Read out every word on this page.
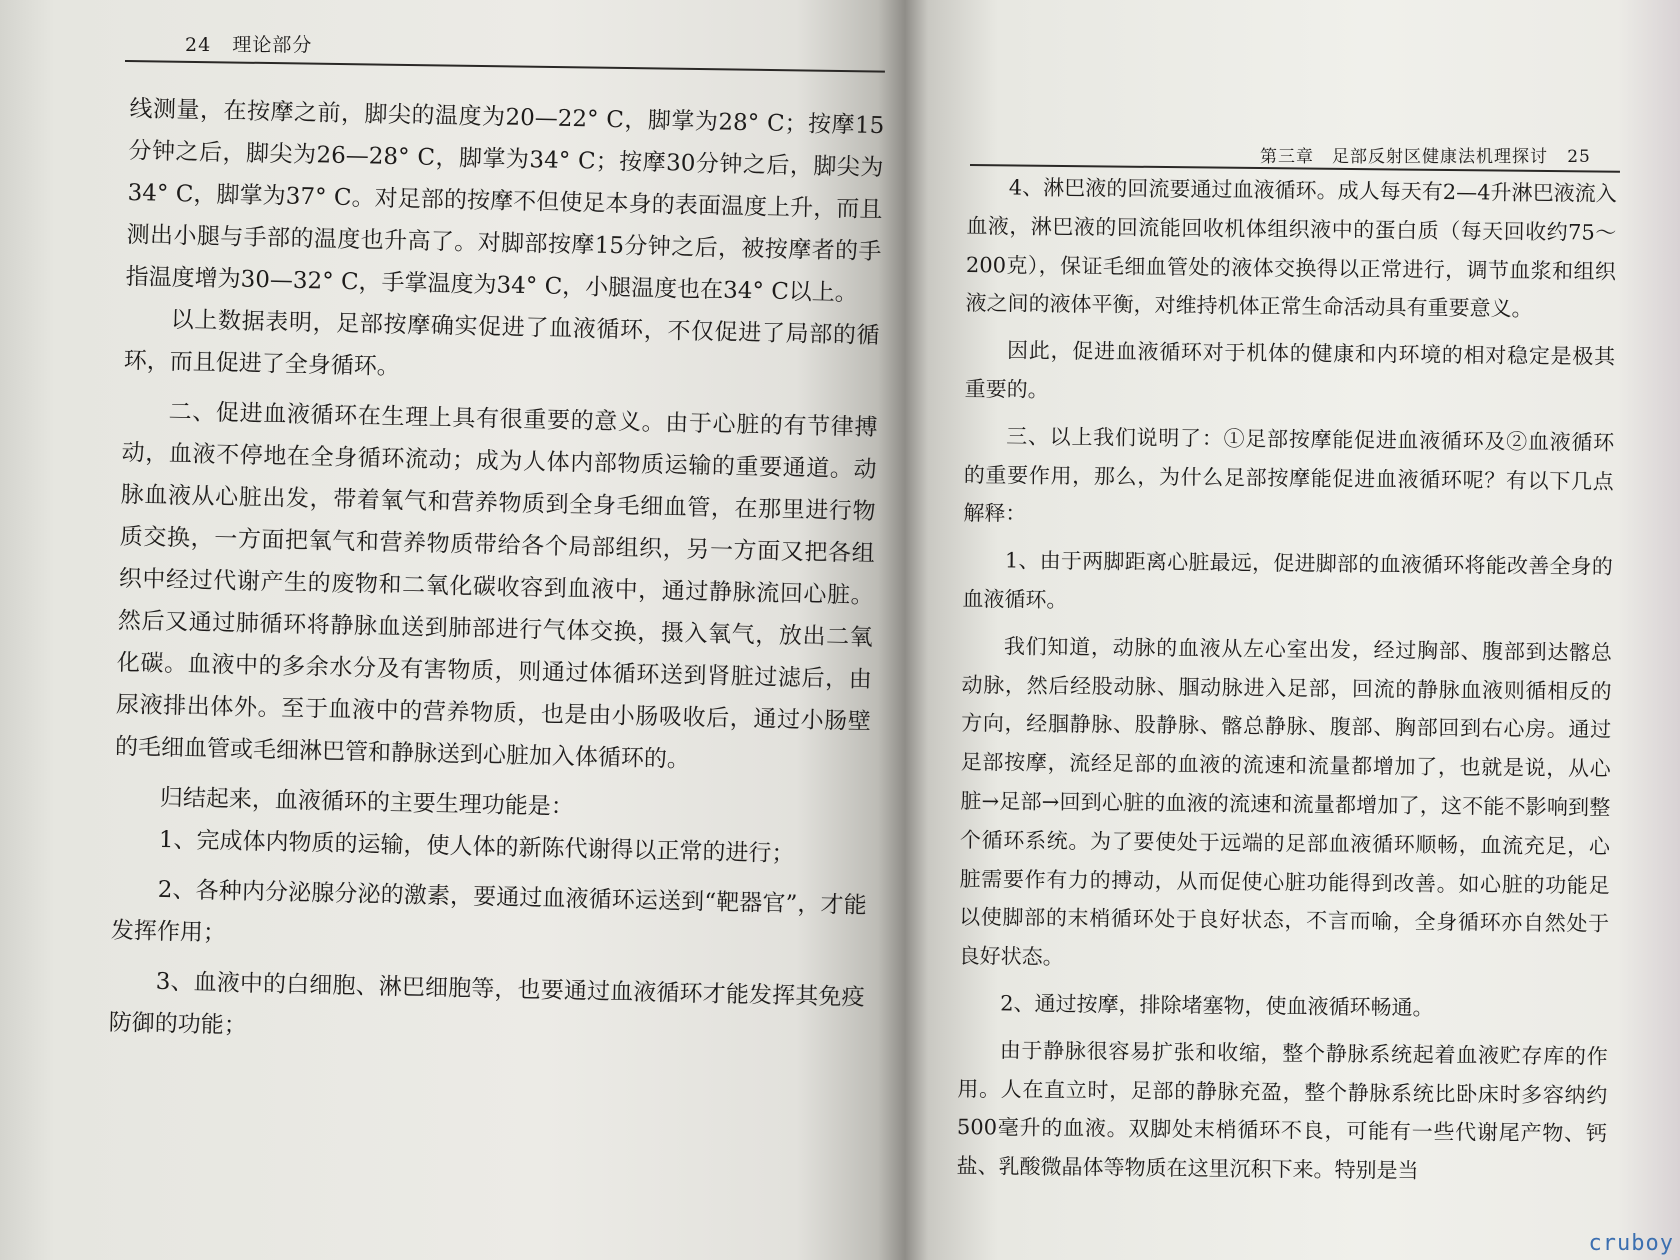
24 理论部分

线测量，在按摩之前，脚尖的温度为20—22° C，脚掌为28° C；按摩15分钟之后，脚尖为26—28° C，脚掌为34° C；按摩30分钟之后，脚尖为34° C，脚掌为37° C。对足部的按摩不但使足本身的表面温度上升，而且测出小腿与手部的温度也升高了。对脚部按摩15分钟之后，被按摩者的手指温度增为30—32° C，手掌温度为34° C，小腿温度也在34° C以上。

以上数据表明，足部按摩确实促进了血液循环，不仅促进了局部的循环，而且促进了全身循环。

二、促进血液循环在生理上具有很重要的意义。由于心脏的有节律搏动，血液不停地在全身循环流动；成为人体内部物质运输的重要通道。动脉血液从心脏出发，带着氧气和营养物质到全身毛细血管，在那里进行物质交换，一方面把氧气和营养物质带给各个局部组织，另一方面又把各组织中经过代谢产生的废物和二氧化碳收容到血液中，通过静脉流回心脏。然后又通过肺循环将静脉血送到肺部进行气体交换，摄入氧气，放出二氧化碳。血液中的多余水分及有害物质，则通过体循环送到肾脏过滤后，由尿液排出体外。至于血液中的营养物质，也是由小肠吸收后，通过小肠壁的毛细血管或毛细淋巴管和静脉送到心脏加入体循环的。

归结起来，血液循环的主要生理功能是：

1、完成体内物质的运输，使人体的新陈代谢得以正常的进行；

2、各种内分泌腺分泌的激素，要通过血液循环运送到“靶器官”，才能发挥作用；

3、血液中的白细胞、淋巴细胞等，也要通过血液循环才能发挥其免疫防御的功能；

第三章　足部反射区健康法机理探讨 25

4、淋巴液的回流要通过血液循环。成人每天有2—4升淋巴液流入血液，淋巴液的回流能回收机体组织液中的蛋白质（每天回收约75～200克），保证毛细血管处的液体交换得以正常进行，调节血浆和组织液之间的液体平衡，对维持机体正常生命活动具有重要意义。

因此，促进血液循环对于机体的健康和内环境的相对稳定是极其重要的。

三、以上我们说明了：①足部按摩能促进血液循环及②血液循环的重要作用，那么，为什么足部按摩能促进血液循环呢？有以下几点解释：

1、由于两脚距离心脏最远，促进脚部的血液循环将能改善全身的血液循环。

我们知道，动脉的血液从左心室出发，经过胸部、腹部到达髂总动脉，然后经股动脉、腘动脉进入足部，回流的静脉血液则循相反的方向，经腘静脉、股静脉、髂总静脉、腹部、胸部回到右心房。通过足部按摩，流经足部的血液的流速和流量都增加了，也就是说，从心脏→足部→回到心脏的血液的流速和流量都增加了，这不能不影响到整个循环系统。为了要使处于远端的足部血液循环顺畅，血流充足，心脏需要作有力的搏动，从而促使心脏功能得到改善。如心脏的功能足以使脚部的末梢循环处于良好状态，不言而喻，全身循环亦自然处于良好状态。

2、通过按摩，排除堵塞物，使血液循环畅通。

由于静脉很容易扩张和收缩，整个静脉系统起着血液贮存库的作用。人在直立时，足部的静脉充盈，整个静脉系统比卧床时多容纳约500毫升的血液。双脚处末梢循环不良，可能有一些代谢尾产物、钙盐、乳酸微晶体等物质在这里沉积下来。特别是当

cruboy
